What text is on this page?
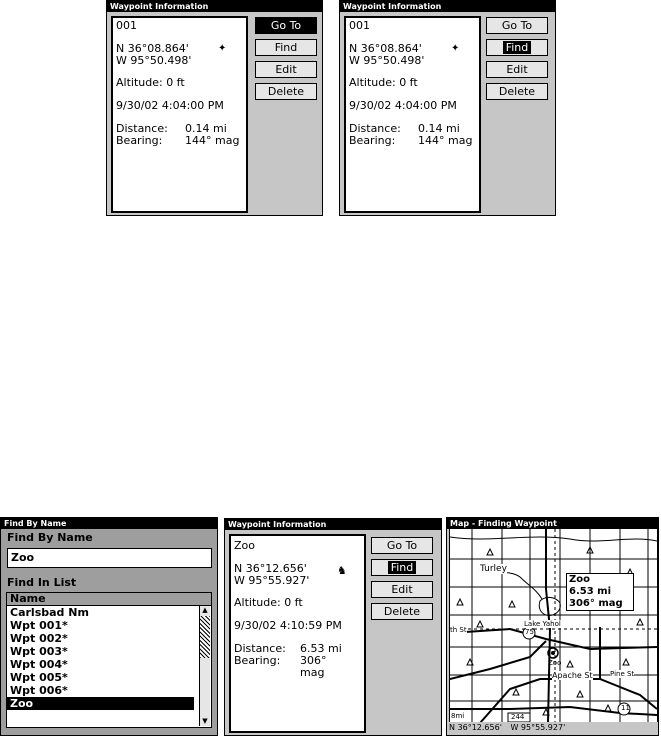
Waypoint Information
001
N 36°08.864'
W 95°50.498'
✦
Altitude: 0 ft
9/30/02 4:04:00 PM
Distance: 0.14 mi
Bearing: 144° mag
Go To
Find
Edit
Delete
Waypoint Information
001
N 36°08.864'
W 95°50.498'
✦
Altitude: 0 ft
9/30/02 4:04:00 PM
Distance: 0.14 mi
Bearing: 144° mag
Go To
Find
Edit
Delete
Find By Name
Find By Name
Zoo
Find In List
Name
Carlsbad Nm
Wpt 001*
Wpt 002*
Wpt 003*
Wpt 004*
Wpt 005*
Wpt 006*
Zoo
▲
▼
Waypoint Information
Zoo
N 36°12.656'
W 95°55.927'
♞
Altitude: 0 ft
9/30/02 4:10:59 PM
Distance: 6.53 mi
Bearing: 306°
mag
Go To
Find
Edit
Delete
Map - Finding Waypoint
Turley
Lake Yahol
Zoo
Apache St Pine St
th St	75
244
11
8mi
Zoo
6.53 mi
306° mag
N 36°12.656' W 95°55.927'
